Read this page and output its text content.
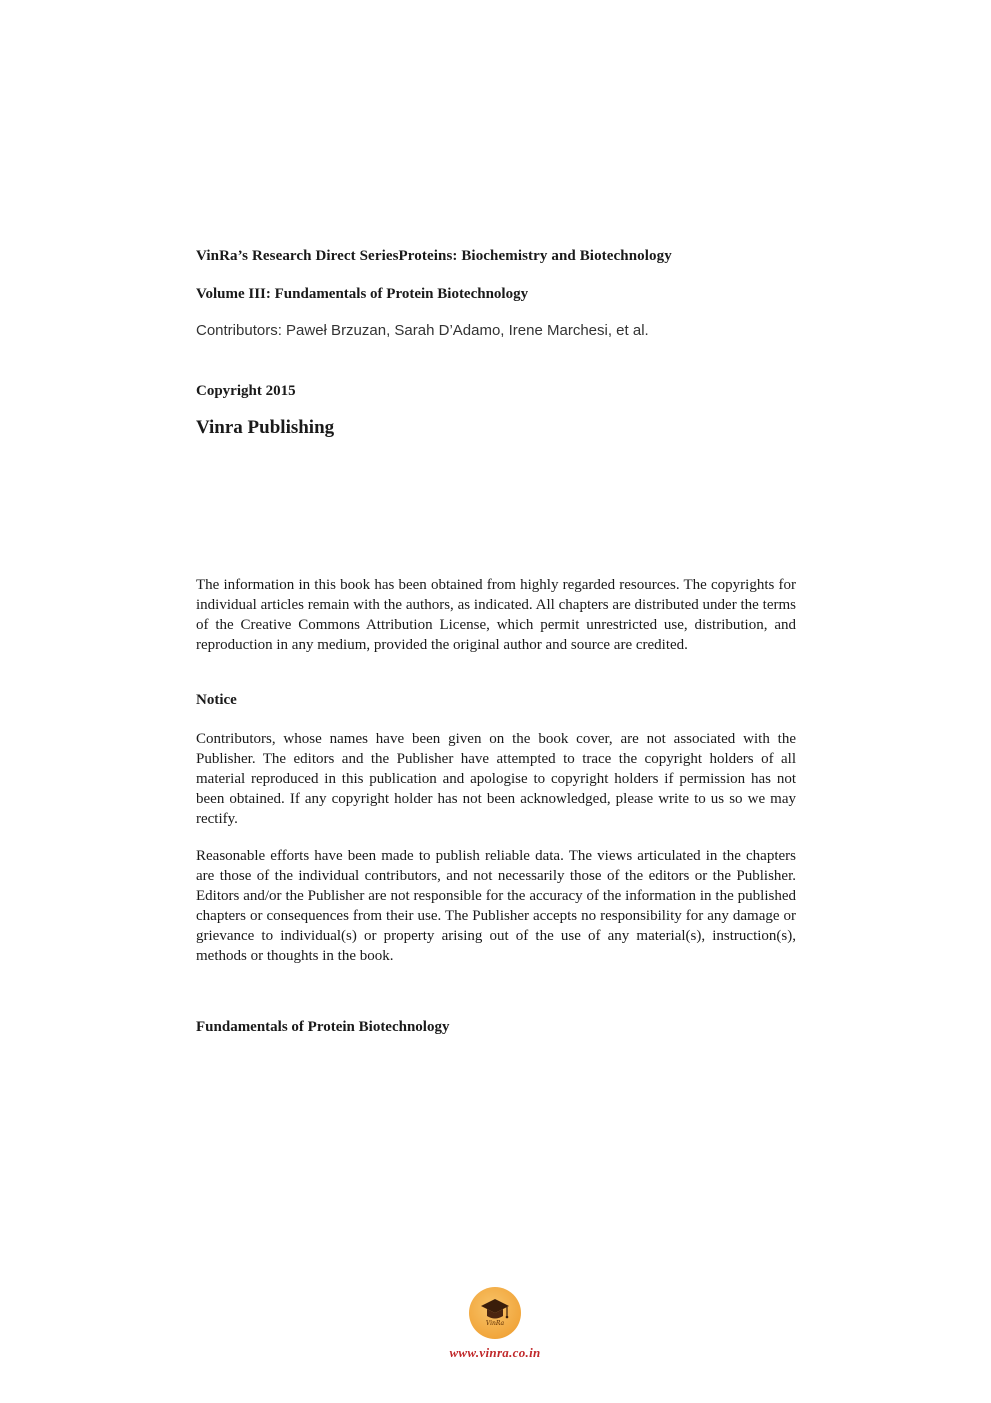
VinRa’s Research Direct SeriesProteins: Biochemistry and Biotechnology
Volume III: Fundamentals of Protein Biotechnology
Contributors: Paweł Brzuzan, Sarah D’Adamo, Irene Marchesi, et al.
Copyright 2015
Vinra Publishing

The information in this book has been obtained from highly regarded resources. The copyrights for individual articles remain with the authors, as indicated. All chapters are distributed under the terms of the Creative Commons Attribution License, which permit unrestricted use, distribution, and reproduction in any medium, provided the original author and source are credited.

Notice

Contributors, whose names have been given on the book cover, are not associated with the Publisher. The editors and the Publisher have attempted to trace the copyright holders of all material reproduced in this publication and apologise to copyright holders if permission has not been obtained. If any copyright holder has not been acknowledged, please write to us so we may rectify.

Reasonable efforts have been made to publish reliable data. The views articulated in the chapters are those of the individual contributors, and not necessarily those of the editors or the Publisher. Editors and/or the Publisher are not responsible for the accuracy of the information in the published chapters or consequences from their use. The Publisher accepts no responsibility for any damage or grievance to individual(s) or property arising out of the use of any material(s), instruction(s), methods or thoughts in the book.

Fundamentals of Protein Biotechnology
VinRa
www.vinra.co.in
